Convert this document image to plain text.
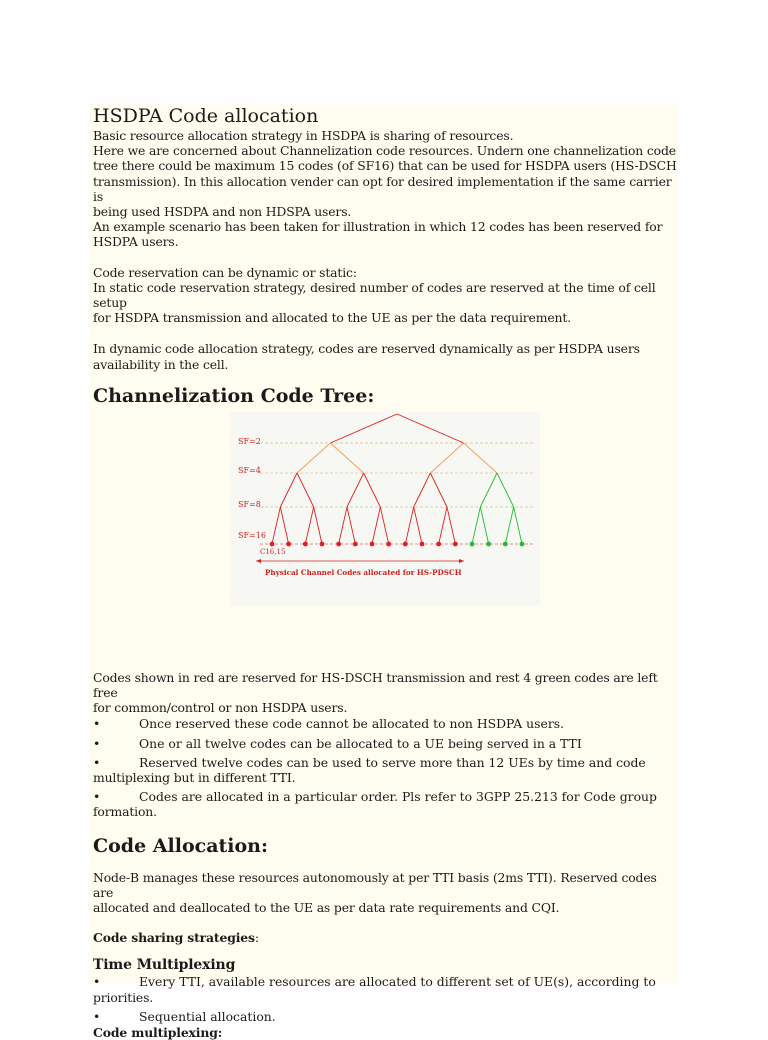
HSDPA Code allocation

Basic resource allocation strategy in HSDPA is sharing of resources.

Here we are concerned about Channelization code resources. Undern one channelization code

tree there could be maximum 15 codes (of SF16) that can be used for HSDPA users (HS-DSCH

transmission). In this allocation vender can opt for desired implementation if the same carrier is

being used HSDPA and non HDSPA users.

An example scenario has been taken for illustration in which 12 codes has been reserved for

HSDPA users.

Code reservation can be dynamic or static:

In static code reservation strategy, desired number of codes are reserved at the time of cell setup

for HSDPA transmission and allocated to the UE as per the data requirement.

In dynamic code allocation strategy, codes are reserved dynamically as per HSDPA users

availability in the cell.

Channelization Code Tree:

Codes shown in red are reserved for HS-DSCH transmission and rest 4 green codes are left free

for common/control or non HSDPA users.

•	Once reserved these code cannot be allocated to non HSDPA users.

•	One or all twelve codes can be allocated to a UE being served in a TTI

•	Reserved twelve codes can be used to serve more than 12 UEs by time and code

multiplexing but in different TTI.

•	Codes are allocated in a particular order. Pls refer to 3GPP 25.213 for Code group

formation.

Code Allocation:

Node-B manages these resources autonomously at per TTI basis (2ms TTI). Reserved codes are

allocated and deallocated to the UE as per data rate requirements and CQI.

Code sharing strategies:

Time Multiplexing

•	Every TTI, available resources are allocated to different set of UE(s), according to

priorities.

•	Sequential allocation.

Code multiplexing:

SF=2
SF=4
SF=8
SF=16
C16,15
Physical Channel Codes allocated for HS-PDSCH
